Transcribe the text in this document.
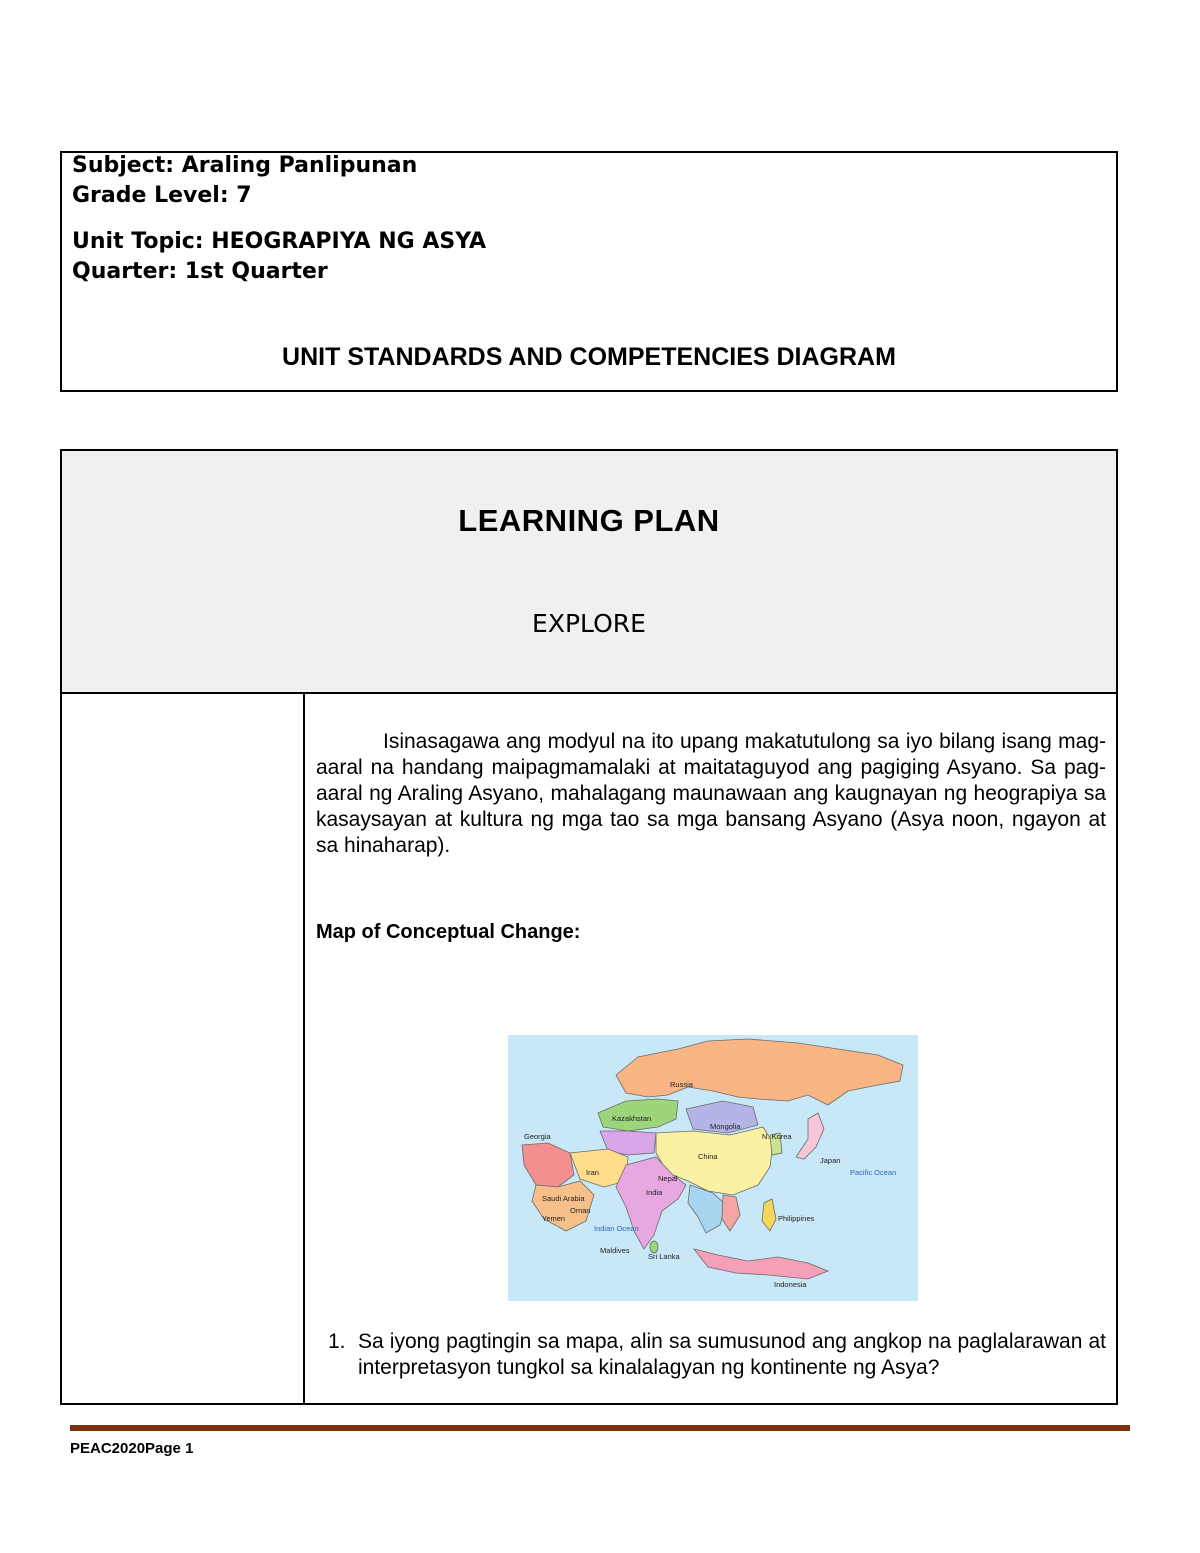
Subject: Araling Panlipunan
Grade Level: 7
Unit Topic: HEOGRAPIYA NG ASYA
Quarter: 1st Quarter
UNIT STANDARDS AND COMPETENCIES DIAGRAM
LEARNING PLAN
EXPLORE

Isinasagawa ang modyul na ito upang makatutulong sa iyo bilang isang mag-aaral na handang maipagmamalaki at maitataguyod ang pagiging Asyano. Sa pag-aaral ng Araling Asyano, mahalagang maunawaan ang kaugnayan ng heograpiya sa kasaysayan at kultura ng mga tao sa mga bansang Asyano (Asya noon, ngayon at sa hinaharap).

Map of Conceptual Change:
Russia
Mongolia
China
Kazakhstan
India
Iran
Georgia	N. Korea
Japan
Pacific Ocean
Indian Ocean
Philippines
Indonesia
Sri Lanka
Nepal
Maldives
Saudi Arabia
Oman
Yemen
1. Sa iyong pagtingin sa mapa, alin sa sumusunod ang angkop na paglalarawan at interpretasyon tungkol sa kinalalagyan ng kontinente ng Asya?
PEAC2020Page 1
